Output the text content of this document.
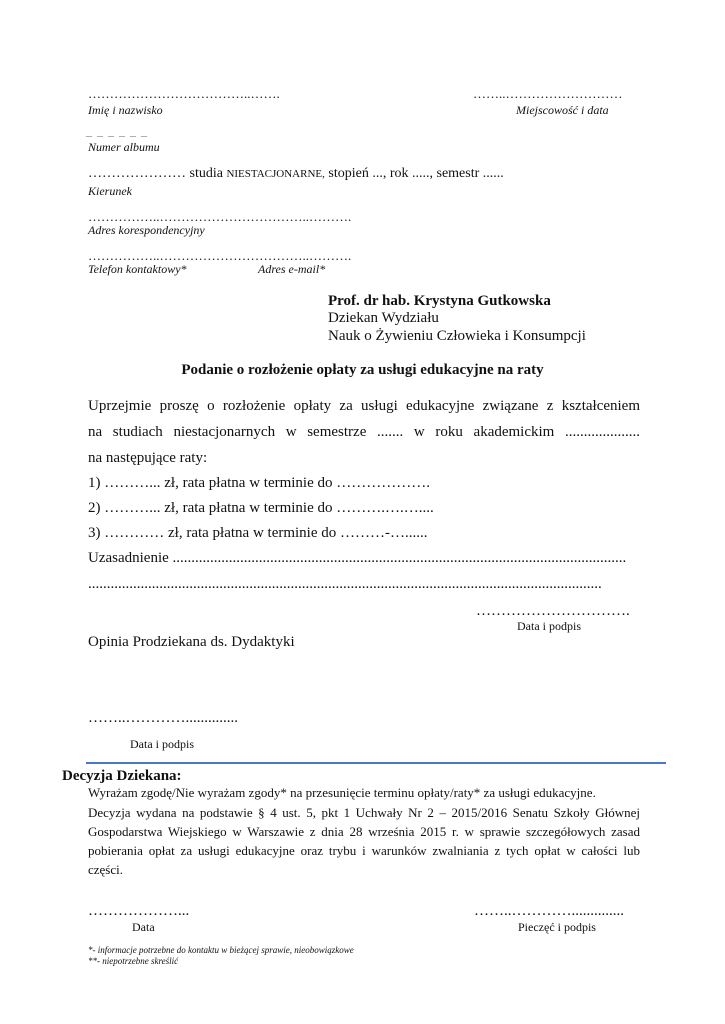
………………………………..…….
Imię i nazwisko
……..………………………
Miejscowość i data
_ _ _ _ _ _
Numer albumu
………………… studia NIESTACJONARNE, stopień ..., rok ....., semestr ......
Kierunek
……………..……………………………..……….
Adres korespondencyjny
……………..……………………………..……….
Telefon kontaktowy*	Adres e-mail*
Prof. dr hab. Krystyna Gutkowska
Dziekan Wydziału
Nauk o Żywieniu Człowieka i Konsumpcji
Podanie o rozłożenie opłaty za usługi edukacyjne na raty
Uprzejmie proszę o rozłożenie opłaty za usługi edukacyjne związane z kształceniem
na studiach niestacjonarnych w semestrze ....... w roku akademickim ....................
na następujące raty:
1) ………... zł, rata płatna w terminie do ……………….
2) ………... zł, rata płatna w terminie do ……….….…....
3) ………… zł, rata płatna w terminie do ………-…......
Uzasadnienie .........................................................................................................................
.........................................................................................................................................
………………………….
Data i podpis
Opinia Prodziekana ds. Dydaktyki
……..…………..............
Data i podpis
Decyzja Dziekana:
Wyrażam zgodę/Nie wyrażam zgody* na przesunięcie terminu opłaty/raty* za usługi edukacyjne.
Decyzja wydana na podstawie § 4 ust. 5, pkt 1 Uchwały Nr 2 – 2015/2016 Senatu Szkoły Głównej
Gospodarstwa Wiejskiego w Warszawie z dnia 28 września 2015 r. w sprawie szczegółowych zasad
pobierania opłat za usługi edukacyjne oraz trybu i warunków zwalniania z tych opłat w całości lub
części.
………………...
Data
……..…………..............
Pieczęć i podpis
*- informacje potrzebne do kontaktu w bieżącej sprawie, nieobowiązkowe
**- niepotrzebne skreślić
